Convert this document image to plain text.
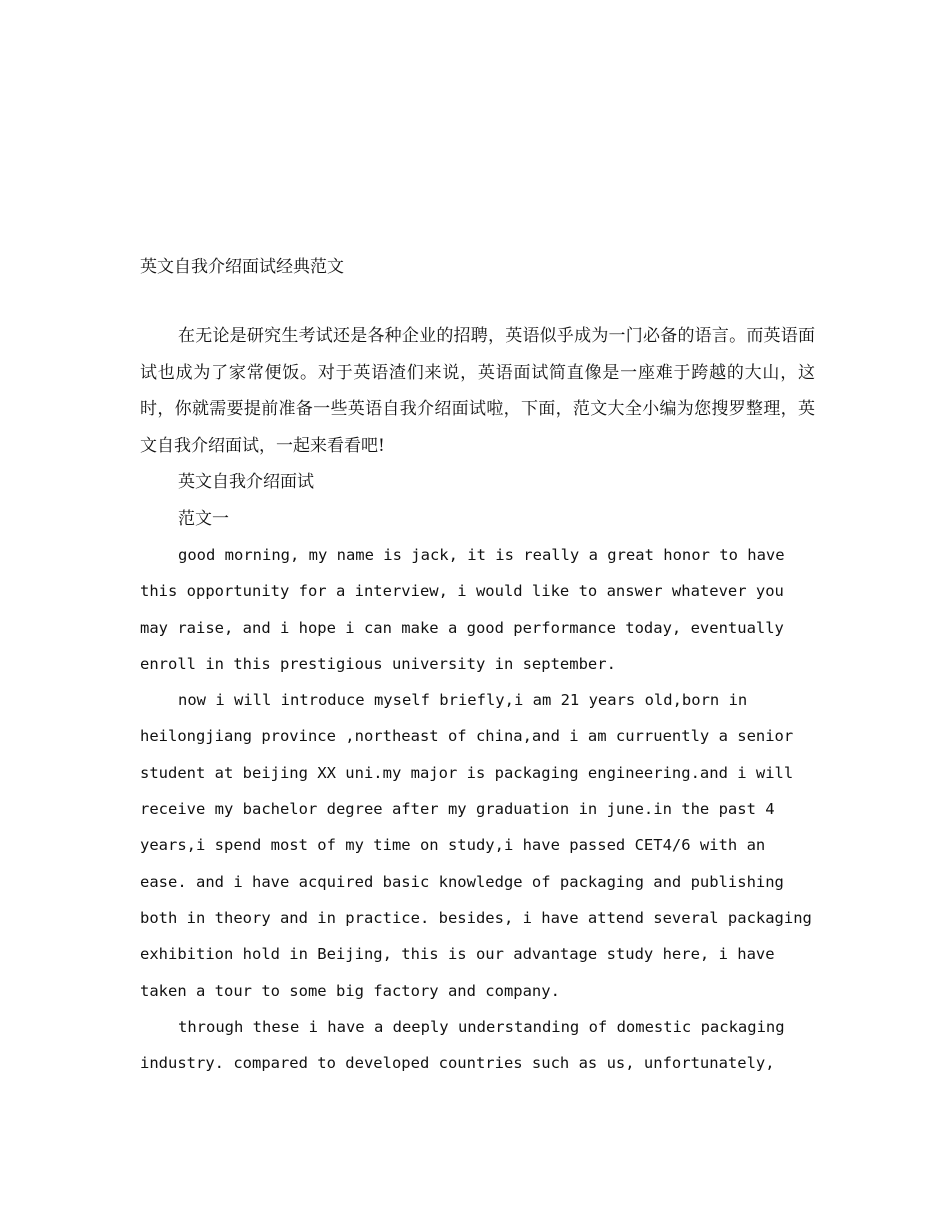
英文自我介绍面试经典范文

在无论是研究生考试还是各种企业的招聘，英语似乎成为一门必备的语言。而英语面试也成为了家常便饭。对于英语渣们来说，英语面试简直像是一座难于跨越的大山，这时，你就需要提前准备一些英语自我介绍面试啦，下面，范文大全小编为您搜罗整理，英文自我介绍面试，一起来看看吧!

英文自我介绍面试

范文一

good morning, my name is jack, it is really a great honor to have
this opportunity for a interview, i would like to answer whatever you
may raise, and i hope i can make a good performance today, eventually
enroll in this prestigious university in september.
now i will introduce myself briefly,i am 21 years old,born in
heilongjiang province ,northeast of china,and i am curruently a senior
student at beijing XX uni.my major is packaging engineering.and i will
receive my bachelor degree after my graduation in june.in the past 4
years,i spend most of my time on study,i have passed CET4/6 with an
ease. and i have acquired basic knowledge of packaging and publishing
both in theory and in practice. besides, i have attend several packaging
exhibition hold in Beijing, this is our advantage study here, i have
taken a tour to some big factory and company.
through these i have a deeply understanding of domestic packaging
industry. compared to developed countries such as us, unfortunately,
